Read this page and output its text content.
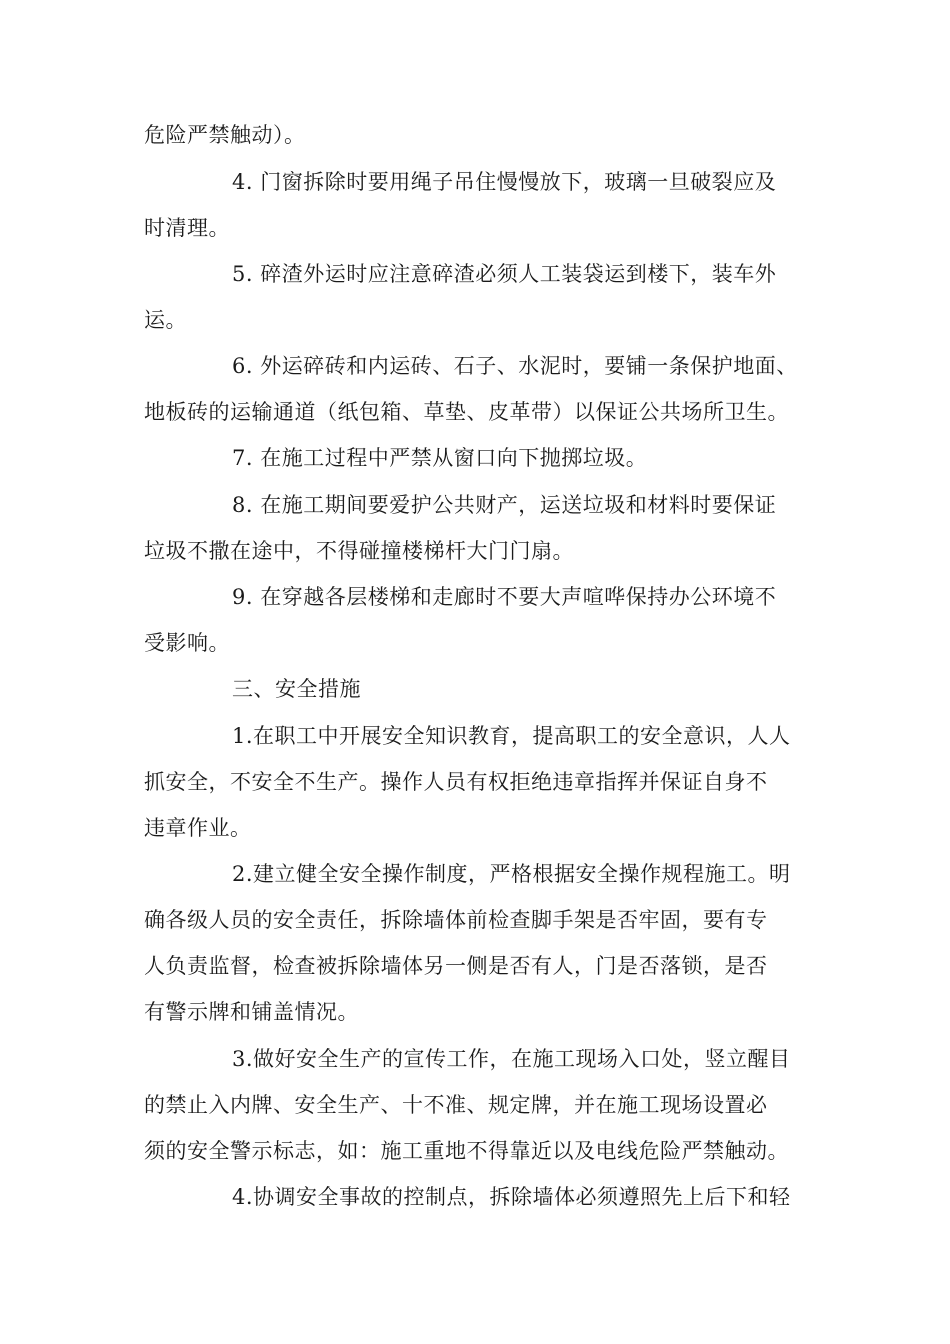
危险严禁触动）。
4. 门窗拆除时要用绳子吊住慢慢放下，玻璃一旦破裂应及
时清理。
5. 碎渣外运时应注意碎渣必须人工装袋运到楼下，装车外
运。
6. 外运碎砖和内运砖、石子、水泥时，要铺一条保护地面、
地板砖的运输通道（纸包箱、草垫、皮革带）以保证公共场所卫生。
7. 在施工过程中严禁从窗口向下抛掷垃圾。
8. 在施工期间要爱护公共财产，运送垃圾和材料时要保证
垃圾不撒在途中，不得碰撞楼梯杆大门门扇。
9. 在穿越各层楼梯和走廊时不要大声喧哗保持办公环境不
受影响。
三、安全措施
1.在职工中开展安全知识教育，提高职工的安全意识，人人
抓安全，不安全不生产。操作人员有权拒绝违章指挥并保证自身不
违章作业。
2.建立健全安全操作制度，严格根据安全操作规程施工。明
确各级人员的安全责任，拆除墙体前检查脚手架是否牢固，要有专
人负责监督，检查被拆除墙体另一侧是否有人，门是否落锁，是否
有警示牌和铺盖情况。
3.做好安全生产的宣传工作，在施工现场入口处，竖立醒目
的禁止入内牌、安全生产、十不准、规定牌，并在施工现场设置必
须的安全警示标志，如：施工重地不得靠近以及电线危险严禁触动。
4.协调安全事故的控制点，拆除墙体必须遵照先上后下和轻
